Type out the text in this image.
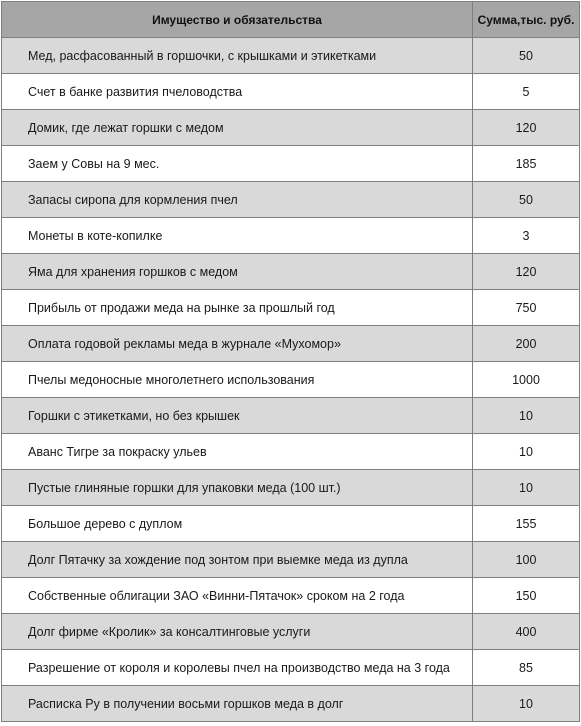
Имущество и обязательства	Сумма,тыс. руб.
Мед, расфасованный в горшочки, с крышками и этикетками	50
Счет в банке развития пчеловодства	5
Домик, где лежат горшки с медом	120
Заем у Совы на 9 мес.	185
Запасы сиропа для кормления пчел	50
Монеты в коте-копилке	3
Яма для хранения горшков с медом	120
Прибыль от продажи меда на рынке за прошлый год	750
Оплата годовой рекламы меда в журнале «Мухомор»	200
Пчелы медоносные многолетнего использования	1000
Горшки с этикетками, но без крышек	10
Аванс Тигре за покраску ульев	10
Пустые глиняные горшки для упаковки меда (100 шт.)	10
Большое дерево с дуплом	155
Долг Пятачку за хождение под зонтом при выемке меда из дупла	100
Собственные облигации ЗАО «Винни-Пятачок» сроком на 2 года	150
Долг фирме «Кролик» за консалтинговые услуги	400
Разрешение от короля и королевы пчел на производство меда на 3 года	85
Расписка Ру в получении восьми горшков меда в долг	10
